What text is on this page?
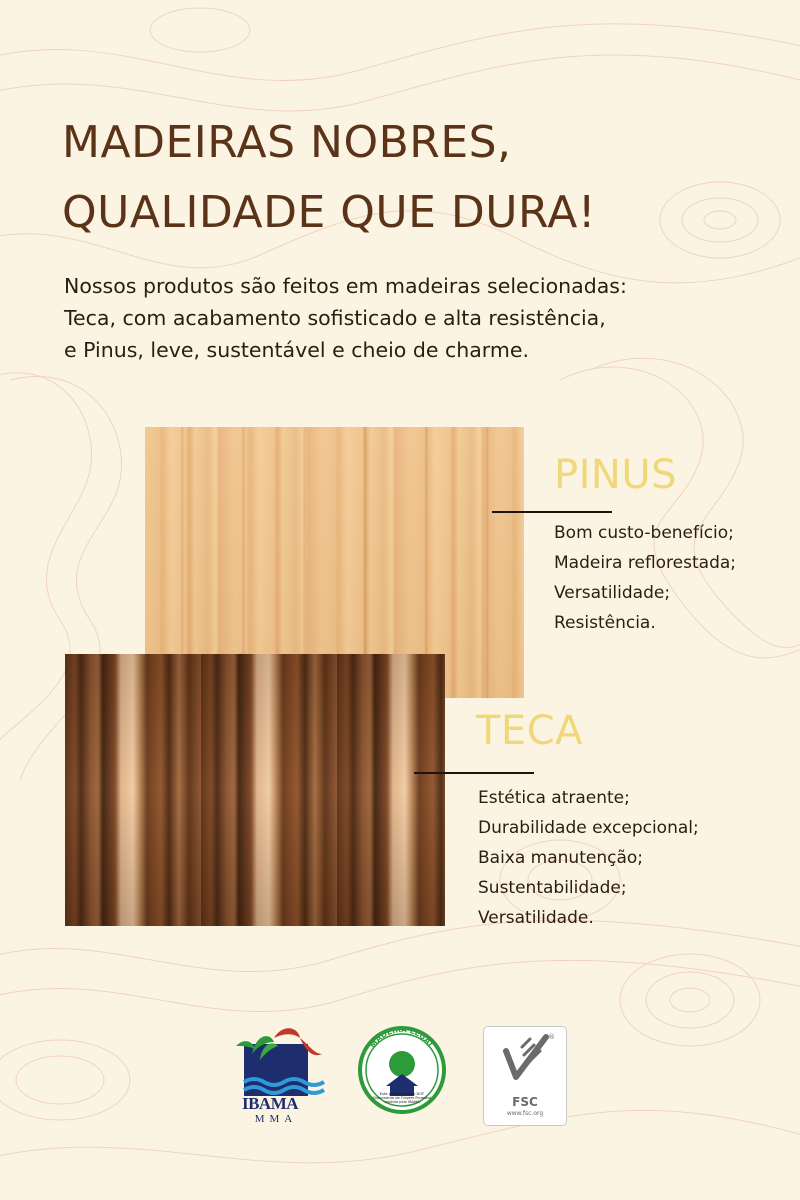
MADEIRAS NOBRES,
QUALIDADE QUE DURA!

Nossos produtos são feitos em madeiras selecionadas:
Teca, com acabamento sofisticado e alta resistência,
e Pinus, leve, sustentável e cheio de charme.

PINUS
Bom custo-benefício;
Madeira reflorestada;
Versatilidade;
Resistência.
TECA
Estética atraente;
Durabilidade excepcional;
Baixa manutenção;
Sustentabilidade;
Versatilidade.
IBAMA
MMA
MADEIRA LEGAL
Este produto possui DOF
Documento de Origem Florestal
emitido pelo IBAMA
®
FSC
www.fsc.org
